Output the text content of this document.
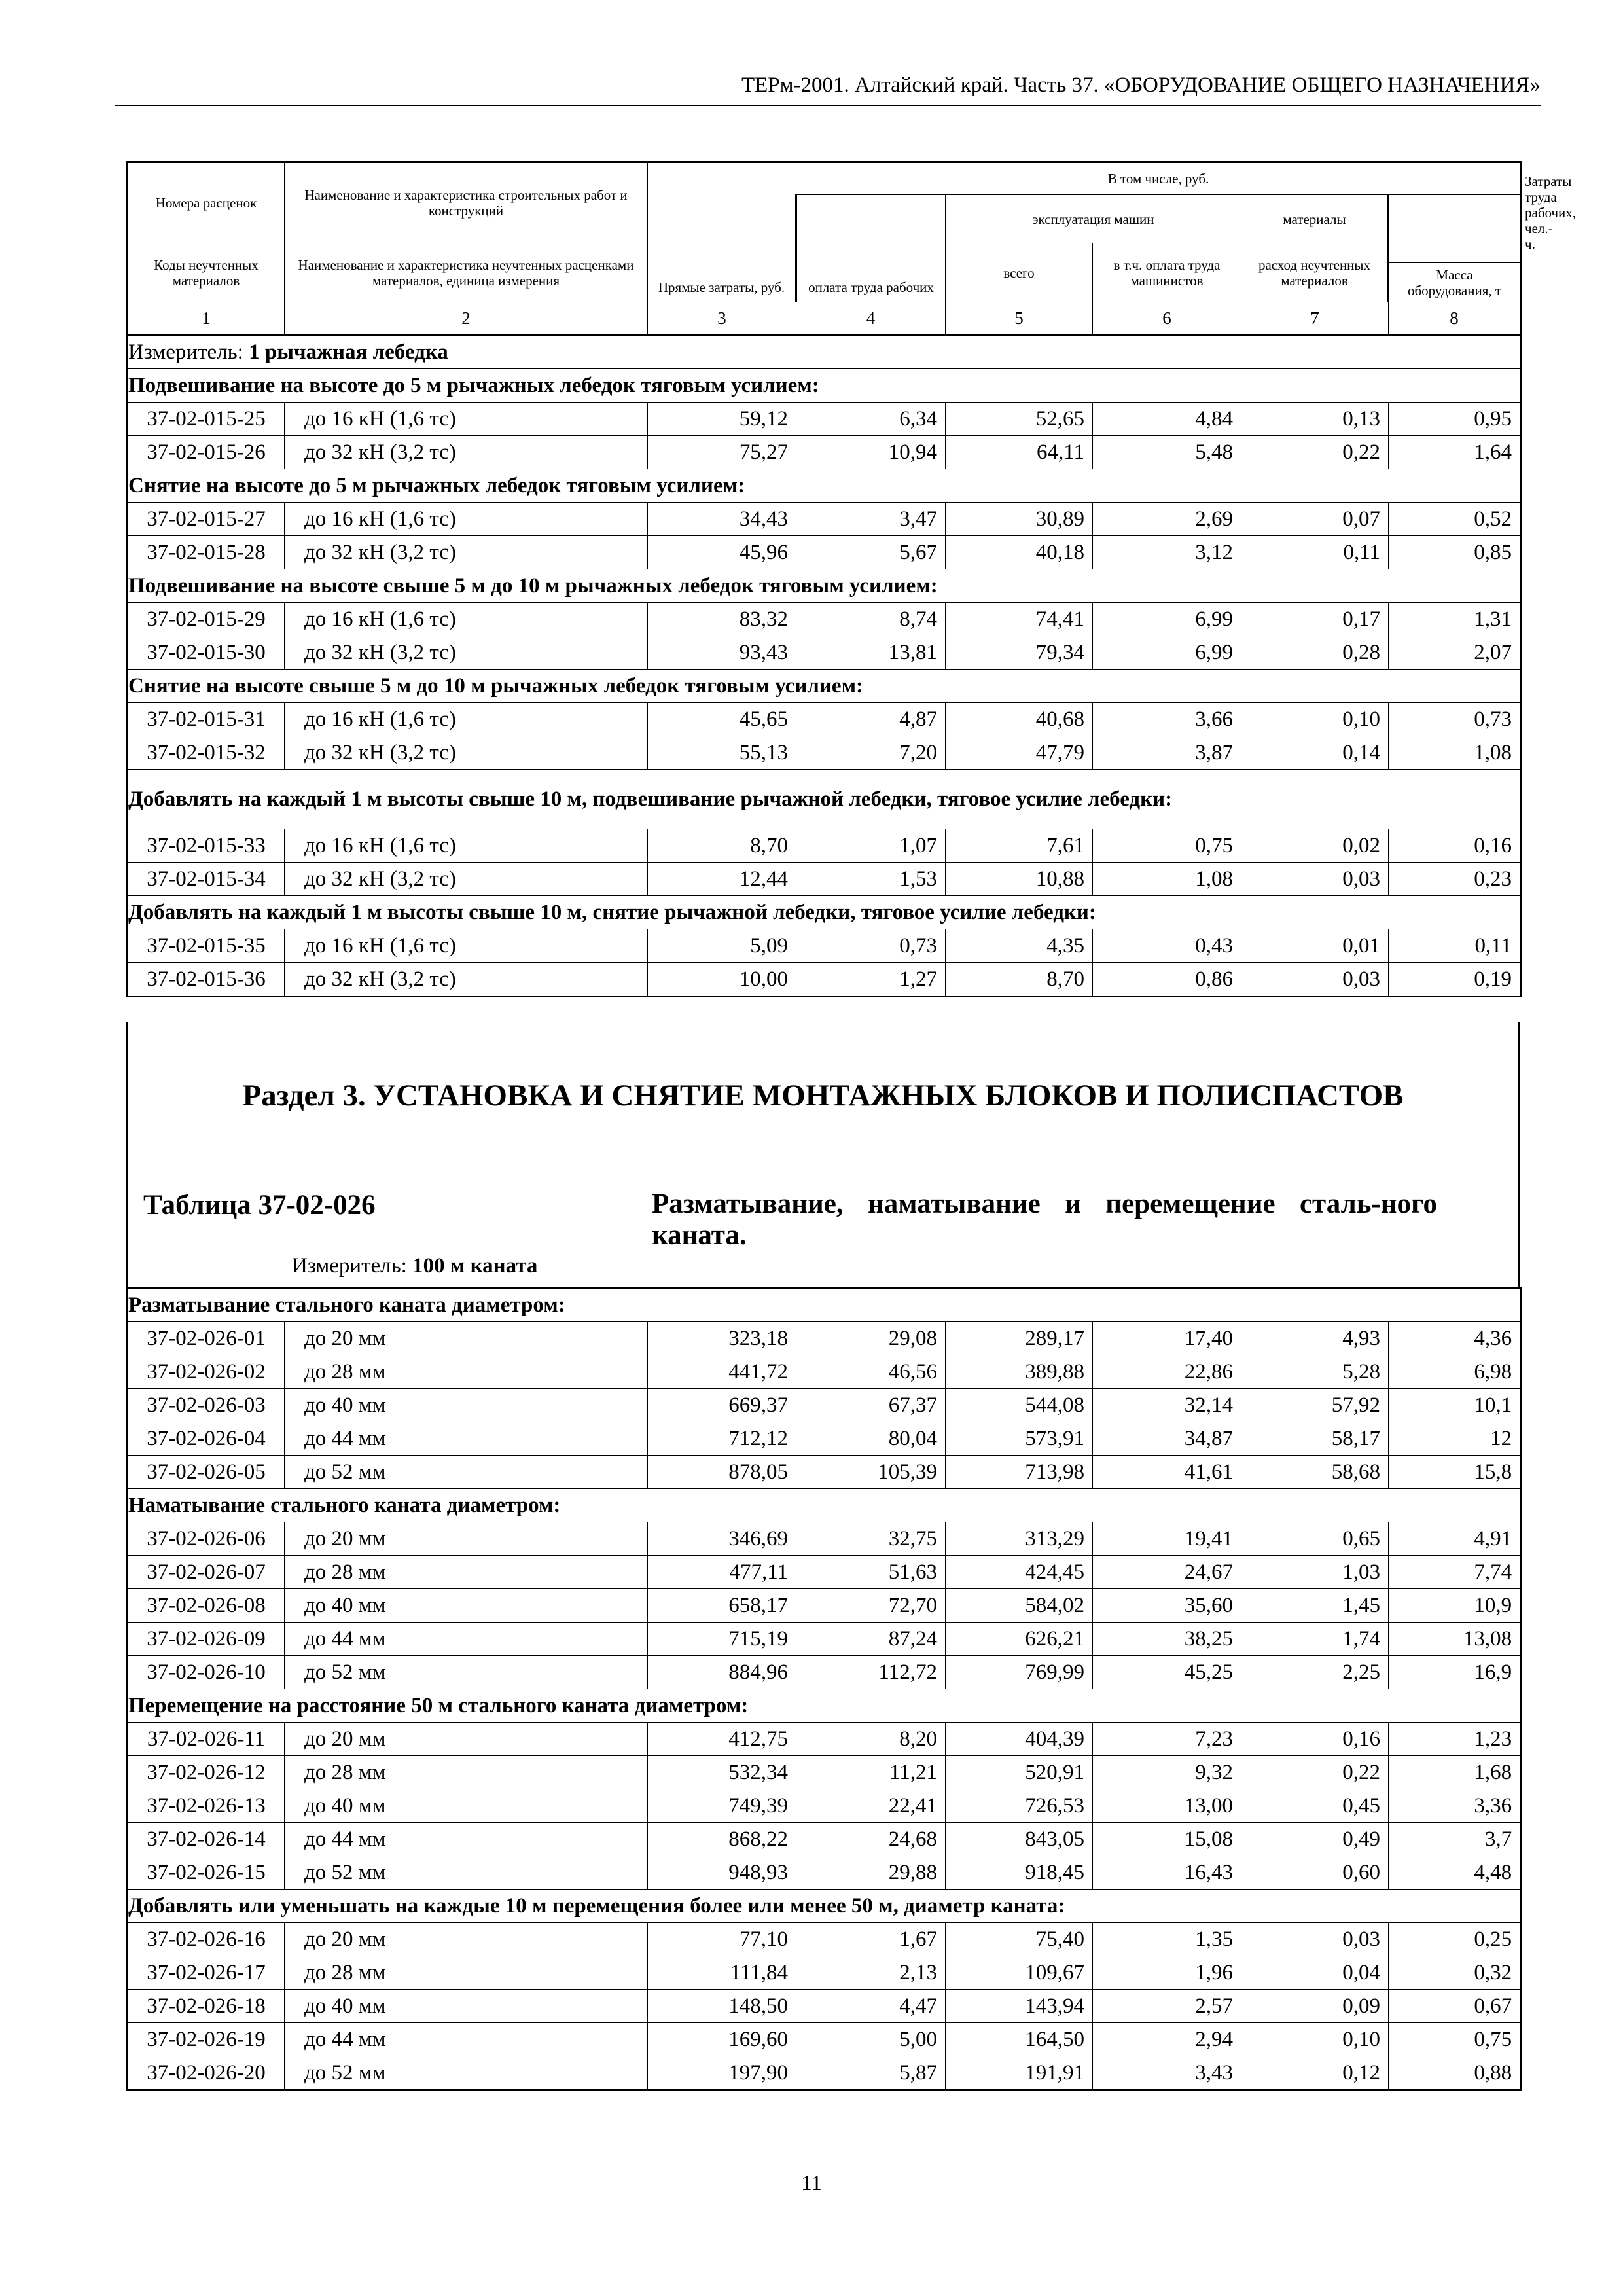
ТЕРм-2001. Алтайский край. Часть 37. «ОБОРУДОВАНИЕ ОБЩЕГО НАЗНАЧЕНИЯ»
Номера расценок	Наименование и характеристика строительных работ и конструкций	Прямые затраты, руб.	В том числе, руб.					Затраты труда рабочих, чел.-ч.
			оплата труда рабочих	эксплуатация машин		материалы		
Коды неучтенных материалов	Наименование и характеристика неучтенных расценками материалов, единица измерения			всего	в т.ч. оплата труда машинистов	расход неучтенных материалов		
							Масса оборудования, т	
1	2	3	4	5	6	7	8	
Измеритель: 1 рычажная лебедка							
Подвешивание на высоте до 5 м рычажных лебедок тяговым усилием:							
37-02-015-25	до 16 кН (1,6 тс)	59,12	6,34	52,65	4,84	0,13	0,95
37-02-015-26	до 32 кН (3,2 тс)	75,27	10,94	64,11	5,48	0,22	1,64
Снятие на высоте до 5 м рычажных лебедок тяговым усилием:							
37-02-015-27	до 16 кН (1,6 тс)	34,43	3,47	30,89	2,69	0,07	0,52
37-02-015-28	до 32 кН (3,2 тс)	45,96	5,67	40,18	3,12	0,11	0,85
Подвешивание на высоте свыше 5 м до 10 м рычажных лебедок тяговым усилием:							
37-02-015-29	до 16 кН (1,6 тс)	83,32	8,74	74,41	6,99	0,17	1,31
37-02-015-30	до 32 кН (3,2 тс)	93,43	13,81	79,34	6,99	0,28	2,07
Снятие на высоте свыше 5 м до 10 м рычажных лебедок тяговым усилием:							
37-02-015-31	до 16 кН (1,6 тс)	45,65	4,87	40,68	3,66	0,10	0,73
37-02-015-32	до 32 кН (3,2 тс)	55,13	7,20	47,79	3,87	0,14	1,08
Добавлять на каждый 1 м высоты свыше 10 м, подвешивание рычажной лебедки, тяговое усилие лебедки:							
37-02-015-33	до 16 кН (1,6 тс)	8,70	1,07	7,61	0,75	0,02	0,16
37-02-015-34	до 32 кН (3,2 тс)	12,44	1,53	10,88	1,08	0,03	0,23
Добавлять на каждый 1 м высоты свыше 10 м, снятие рычажной лебедки, тяговое усилие лебедки:							
37-02-015-35	до 16 кН (1,6 тс)	5,09	0,73	4,35	0,43	0,01	0,11
37-02-015-36	до 32 кН (3,2 тс)	10,00	1,27	8,70	0,86	0,03	0,19
Раздел 3. УСТАНОВКА И СНЯТИЕ МОНТАЖНЫХ БЛОКОВ И ПОЛИСПАСТОВ
Таблица 37-02-026	Разматывание, наматывание и перемещение сталь-ного каната.
Измеритель: 100 м каната
Разматывание стального каната диаметром:							
37-02-026-01	до 20 мм	323,18	29,08	289,17	17,40	4,93	4,36
37-02-026-02	до 28 мм	441,72	46,56	389,88	22,86	5,28	6,98
37-02-026-03	до 40 мм	669,37	67,37	544,08	32,14	57,92	10,1
37-02-026-04	до 44 мм	712,12	80,04	573,91	34,87	58,17	12
37-02-026-05	до 52 мм	878,05	105,39	713,98	41,61	58,68	15,8
Наматывание стального каната диаметром:							
37-02-026-06	до 20 мм	346,69	32,75	313,29	19,41	0,65	4,91
37-02-026-07	до 28 мм	477,11	51,63	424,45	24,67	1,03	7,74
37-02-026-08	до 40 мм	658,17	72,70	584,02	35,60	1,45	10,9
37-02-026-09	до 44 мм	715,19	87,24	626,21	38,25	1,74	13,08
37-02-026-10	до 52 мм	884,96	112,72	769,99	45,25	2,25	16,9
Перемещение на расстояние 50 м стального каната диаметром:							
37-02-026-11	до 20 мм	412,75	8,20	404,39	7,23	0,16	1,23
37-02-026-12	до 28 мм	532,34	11,21	520,91	9,32	0,22	1,68
37-02-026-13	до 40 мм	749,39	22,41	726,53	13,00	0,45	3,36
37-02-026-14	до 44 мм	868,22	24,68	843,05	15,08	0,49	3,7
37-02-026-15	до 52 мм	948,93	29,88	918,45	16,43	0,60	4,48
Добавлять или уменьшать на каждые 10 м перемещения более или менее 50 м, диаметр каната:							
37-02-026-16	до 20 мм	77,10	1,67	75,40	1,35	0,03	0,25
37-02-026-17	до 28 мм	111,84	2,13	109,67	1,96	0,04	0,32
37-02-026-18	до 40 мм	148,50	4,47	143,94	2,57	0,09	0,67
37-02-026-19	до 44 мм	169,60	5,00	164,50	2,94	0,10	0,75
37-02-026-20	до 52 мм	197,90	5,87	191,91	3,43	0,12	0,88
11
